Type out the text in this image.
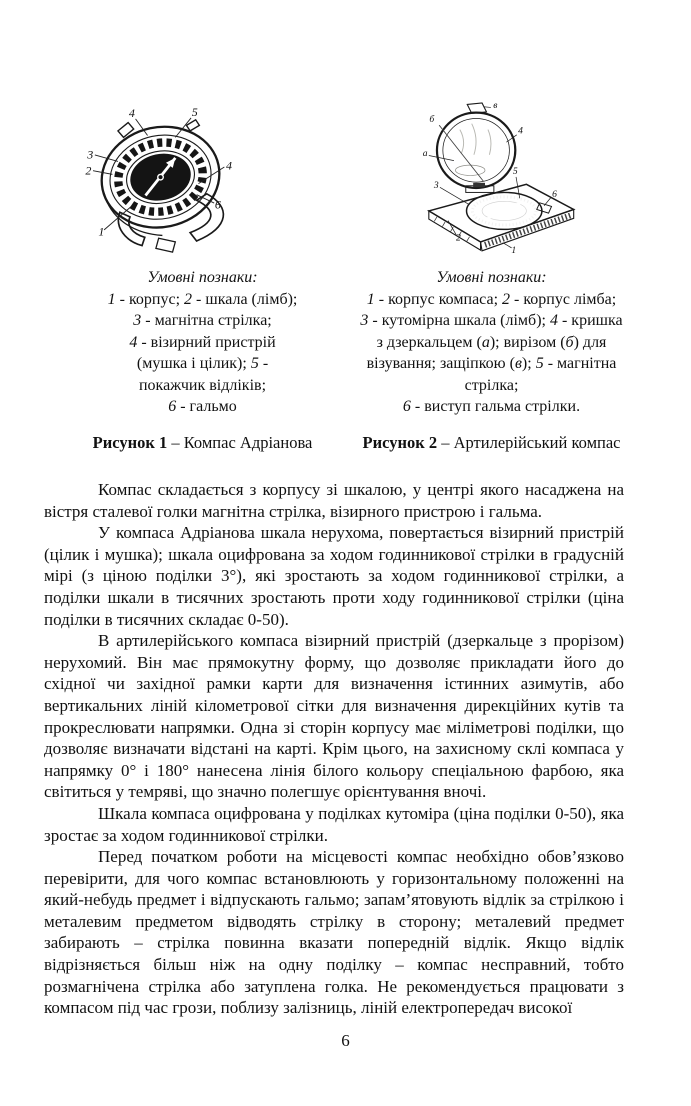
4	5
3
2	4
6
1
Умовні познаки:
1 - корпус; 2 - шкала (лімб);
3 - магнітна стрілка;
4 - візирний пристрій
(мушка і цілик); 5 -
покажчик відліків;
6 - гальмо
Рисунок 1 – Компас Адріанова
в
б
4
а
5
3
6
2
1
Умовні познаки:
1 - корпус компаса; 2 - корпус лімба;
3 - кутомірна шкала (лімб); 4 - кришка
з дзеркальцем (а); вирізом (б) для
візування; защіпкою (в); 5 - магнітна
стрілка;
6 - виступ гальма стрілки.
Рисунок 2 – Артилерійський компас

Компас складається з корпусу зі шкалою, у центрі якого насаджена на вістря сталевої голки магнітна стрілка, візирного пристрою і гальма.

У компаса Адріанова шкала нерухома, повертається візирний пристрій (цілик і мушка); шкала оцифрована за ходом годинникової стрілки в градусній мірі (з ціною поділки 3°), які зростають за ходом годинникової стрілки, а поділки шкали в тисячних зростають проти ходу годинникової стрілки (ціна поділки в тисячних складає 0-50).

В артилерійського компаса візирний пристрій (дзеркальце з прорізом) нерухомий. Він має прямокутну форму, що дозволяє прикладати його до східної чи західної рамки карти для визначення істинних азимутів, або вертикальних ліній кілометрової сітки для визначення дирекційних кутів та прокреслювати напрямки. Одна зі сторін корпусу має міліметрові поділки, що дозволяє визначати відстані на карті. Крім цього, на захисному склі компаса у напрямку 0° і 180° нанесена лінія білого кольору спеціальною фарбою, яка світиться у темряві, що значно полегшує орієнтування вночі.

Шкала компаса оцифрована у поділках кутоміра (ціна поділки 0-50), яка зростає за ходом годинникової стрілки.

Перед початком роботи на місцевості компас необхідно обов’язково перевірити, для чого компас встановлюють у горизонтальному положенні на який-небудь предмет і відпускають гальмо; запам’ятовують відлік за стрілкою і металевим предметом відводять стрілку в сторону; металевий предмет забирають – стрілка повинна вказати попередній відлік. Якщо відлік відрізняється більш ніж на одну поділку – компас несправний, тобто розмагнічена стрілка або затуплена голка. Не рекомендується працювати з компасом під час грози, поблизу залізниць, ліній електропередач високої

6
